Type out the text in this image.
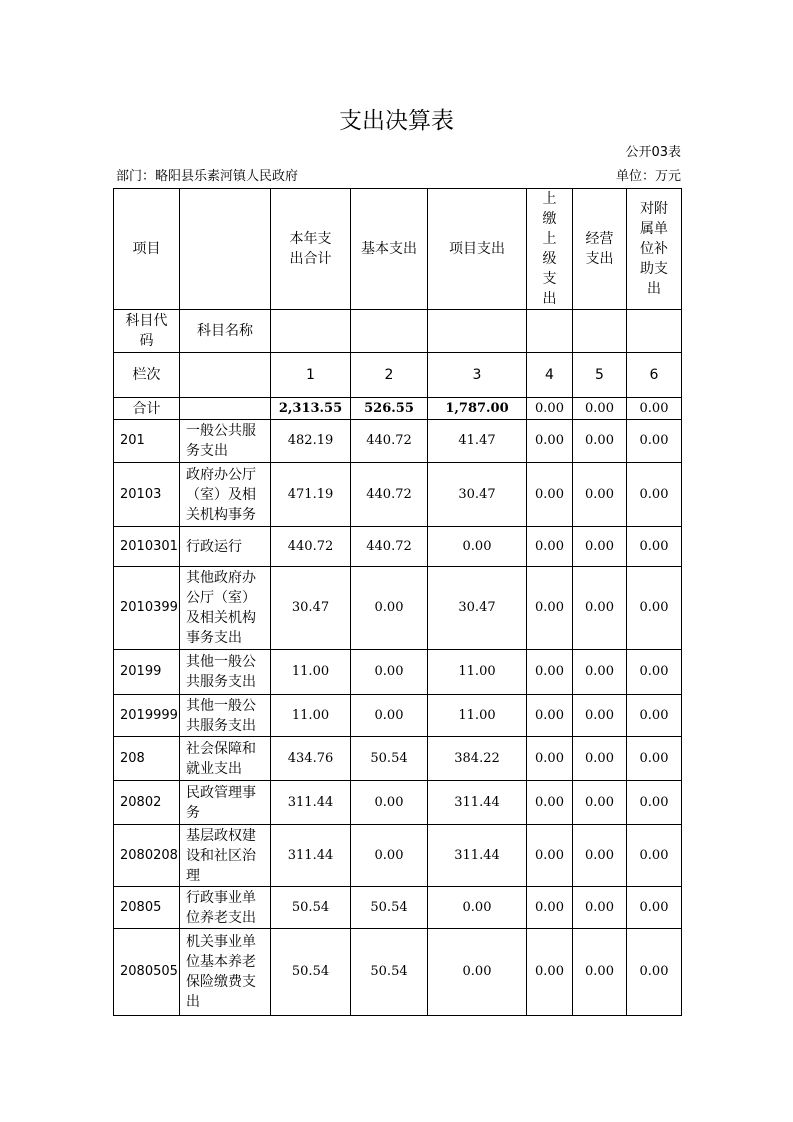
支出决算表
公开03表
部门：略阳县乐素河镇人民政府	单位：万元
项目		本年支出合计	基本支出	项目支出	上缴上级支出	经营支出	对附属单位补助支出
科目代码	科目名称						
栏次		1	2	3	4	5	6
合计		2,313.55	526.55	1,787.00	0.00	0.00	0.00
201	一般公共服务支出	482.19	440.72	41.47	0.00	0.00	0.00
20103	政府办公厅（室）及相关机构事务	471.19	440.72	30.47	0.00	0.00	0.00
2010301	行政运行	440.72	440.72	0.00	0.00	0.00	0.00
2010399	其他政府办公厅（室）及相关机构事务支出	30.47	0.00	30.47	0.00	0.00	0.00
20199	其他一般公共服务支出	11.00	0.00	11.00	0.00	0.00	0.00
2019999	其他一般公共服务支出	11.00	0.00	11.00	0.00	0.00	0.00
208	社会保障和就业支出	434.76	50.54	384.22	0.00	0.00	0.00
20802	民政管理事务	311.44	0.00	311.44	0.00	0.00	0.00
2080208	基层政权建设和社区治理	311.44	0.00	311.44	0.00	0.00	0.00
20805	行政事业单位养老支出	50.54	50.54	0.00	0.00	0.00	0.00
2080505	机关事业单位基本养老保险缴费支出	50.54	50.54	0.00	0.00	0.00	0.00
